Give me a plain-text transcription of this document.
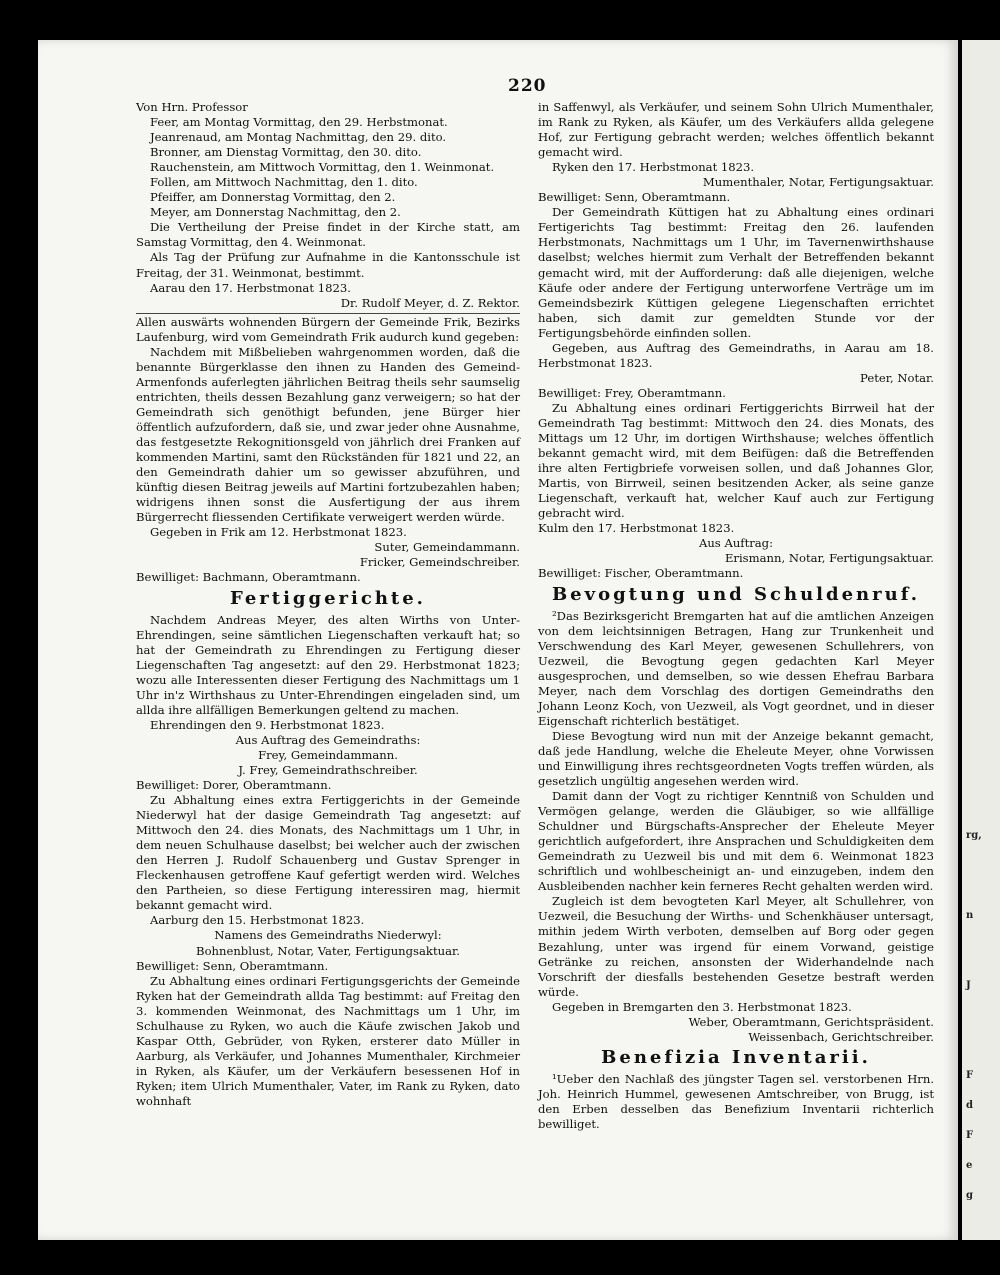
rg,
n
J
F
d
F
e
g
220

Von Hrn. Professor

Feer, am Montag Vormittag, den 29. Herbstmonat.

Jeanrenaud, am Montag Nachmittag, den 29. dito.

Bronner, am Dienstag Vormittag, den 30. dito.

Rauchenstein, am Mittwoch Vormittag, den 1. Weinmonat.

Follen, am Mittwoch Nachmittag, den 1. dito.

Pfeiffer, am Donnerstag Vormittag, den 2.

Meyer, am Donnerstag Nachmittag, den 2.

Die Vertheilung der Preise findet in der Kirche statt, am Samstag Vormittag, den 4. Weinmonat.

Als Tag der Prüfung zur Aufnahme in die Kantonsschule ist Freitag, der 31. Weinmonat, bestimmt.

Aarau den 17. Herbstmonat 1823.

Dr. Rudolf Meyer, d. Z. Rektor.

Allen auswärts wohnenden Bürgern der Gemeinde Frik, Bezirks Laufenburg, wird vom Gemeindrath Frik audurch kund gegeben:

Nachdem mit Mißbelieben wahrgenommen worden, daß die benannte Bürgerklasse den ihnen zu Handen des Gemeind-Armenfonds auferlegten jährlichen Beitrag theils sehr saumselig entrichten, theils dessen Bezahlung ganz verweigern; so hat der Gemeindrath sich genöthigt befunden, jene Bürger hier öffentlich aufzufordern, daß sie, und zwar jeder ohne Ausnahme, das festgesetzte Rekognitionsgeld von jährlich drei Franken auf kommenden Martini, samt den Rückständen für 1821 und 22, an den Gemeindrath dahier um so gewisser abzuführen, und künftig diesen Beitrag jeweils auf Martini fortzubezahlen haben; widrigens ihnen sonst die Ausfertigung der aus ihrem Bürgerrecht fliessenden Certifikate verweigert werden würde.

Gegeben in Frik am 12. Herbstmonat 1823.

Suter, Gemeindammann.

Fricker, Gemeindschreiber.

Bewilliget: Bachmann, Oberamtmann.

Fertiggerichte.

Nachdem Andreas Meyer, des alten Wirths von Unter-Ehrendingen, seine sämtlichen Liegenschaften verkauft hat; so hat der Gemeindrath zu Ehrendingen zu Fertigung dieser Liegenschaften Tag angesetzt: auf den 29. Herbstmonat 1823; wozu alle Interessenten dieser Fertigung des Nachmittags um 1 Uhr in'z Wirthshaus zu Unter-Ehrendingen eingeladen sind, um allda ihre allfälligen Bemerkungen geltend zu machen.

Ehrendingen den 9. Herbstmonat 1823.

Aus Auftrag des Gemeindraths:

Frey, Gemeindammann.

J. Frey, Gemeindrathschreiber.

Bewilliget: Dorer, Oberamtmann.

Zu Abhaltung eines extra Fertiggerichts in der Gemeinde Niederwyl hat der dasige Gemeindrath Tag angesetzt: auf Mittwoch den 24. dies Monats, des Nachmittags um 1 Uhr, in dem neuen Schulhause daselbst; bei welcher auch der zwischen den Herren J. Rudolf Schauenberg und Gustav Sprenger in Fleckenhausen getroffene Kauf gefertigt werden wird. Welches den Partheien, so diese Fertigung interessiren mag, hiermit bekannt gemacht wird.

Aarburg den 15. Herbstmonat 1823.

Namens des Gemeindraths Niederwyl:

Bohnenblust, Notar, Vater, Fertigungsaktuar.

Bewilliget: Senn, Oberamtmann.

Zu Abhaltung eines ordinari Fertigungsgerichts der Gemeinde Ryken hat der Gemeindrath allda Tag bestimmt: auf Freitag den 3. kommenden Weinmonat, des Nachmittags um 1 Uhr, im Schulhause zu Ryken, wo auch die Käufe zwischen Jakob und Kaspar Otth, Gebrüder, von Ryken, ersterer dato Müller in Aarburg, als Verkäufer, und Johannes Mumenthaler, Kirchmeier in Ryken, als Käufer, um der Verkäufern besessenen Hof in Ryken; item Ulrich Mumenthaler, Vater, im Rank zu Ryken, dato wohnhaft

in Saffenwyl, als Verkäufer, und seinem Sohn Ulrich Mumenthaler, im Rank zu Ryken, als Käufer, um des Verkäufers allda gelegene Hof, zur Fertigung gebracht werden; welches öffentlich bekannt gemacht wird.

Ryken den 17. Herbstmonat 1823.

Mumenthaler, Notar, Fertigungsaktuar.

Bewilliget: Senn, Oberamtmann.

Der Gemeindrath Küttigen hat zu Abhaltung eines ordinari Fertigerichts Tag bestimmt: Freitag den 26. laufenden Herbstmonats, Nachmittags um 1 Uhr, im Tavernenwirthshause daselbst; welches hiermit zum Verhalt der Betreffenden bekannt gemacht wird, mit der Aufforderung: daß alle diejenigen, welche Käufe oder andere der Fertigung unterworfene Verträge um im Gemeindsbezirk Küttigen gelegene Liegenschaften errichtet haben, sich damit zur gemeldten Stunde vor der Fertigungsbehörde einfinden sollen.

Gegeben, aus Auftrag des Gemeindraths, in Aarau am 18. Herbstmonat 1823.

Peter, Notar.

Bewilliget: Frey, Oberamtmann.

Zu Abhaltung eines ordinari Fertiggerichts Birrweil hat der Gemeindrath Tag bestimmt: Mittwoch den 24. dies Monats, des Mittags um 12 Uhr, im dortigen Wirthshause; welches öffentlich bekannt gemacht wird, mit dem Beifügen: daß die Betreffenden ihre alten Fertigbriefe vorweisen sollen, und daß Johannes Glor, Martis, von Birrweil, seinen besitzenden Acker, als seine ganze Liegenschaft, verkauft hat, welcher Kauf auch zur Fertigung gebracht wird.

Kulm den 17. Herbstmonat 1823.

Aus Auftrag:

Erismann, Notar, Fertigungsaktuar.

Bewilliget: Fischer, Oberamtmann.

Bevogtung und Schuldenruf.

²Das Bezirksgericht Bremgarten hat auf die amtlichen Anzeigen von dem leichtsinnigen Betragen, Hang zur Trunkenheit und Verschwendung des Karl Meyer, gewesenen Schullehrers, von Uezweil, die Bevogtung gegen gedachten Karl Meyer ausgesprochen, und demselben, so wie dessen Ehefrau Barbara Meyer, nach dem Vorschlag des dortigen Gemeindraths den Johann Leonz Koch, von Uezweil, als Vogt geordnet, und in dieser Eigenschaft richterlich bestätiget.

Diese Bevogtung wird nun mit der Anzeige bekannt gemacht, daß jede Handlung, welche die Eheleute Meyer, ohne Vorwissen und Einwilligung ihres rechtsgeordneten Vogts treffen würden, als gesetzlich ungültig angesehen werden wird.

Damit dann der Vogt zu richtiger Kenntniß von Schulden und Vermögen gelange, werden die Gläubiger, so wie allfällige Schuldner und Bürgschafts-Ansprecher der Eheleute Meyer gerichtlich aufgefordert, ihre Ansprachen und Schuldigkeiten dem Gemeindrath zu Uezweil bis und mit dem 6. Weinmonat 1823 schriftlich und wohlbescheinigt an- und einzugeben, indem den Ausbleibenden nachher kein ferneres Recht gehalten werden wird.

Zugleich ist dem bevogteten Karl Meyer, alt Schullehrer, von Uezweil, die Besuchung der Wirths- und Schenkhäuser untersagt, mithin jedem Wirth verboten, demselben auf Borg oder gegen Bezahlung, unter was irgend für einem Vorwand, geistige Getränke zu reichen, ansonsten der Widerhandelnde nach Vorschrift der diesfalls bestehenden Gesetze bestraft werden würde.

Gegeben in Bremgarten den 3. Herbstmonat 1823.

Weber, Oberamtmann, Gerichtspräsident.

Weissenbach, Gerichtschreiber.

Benefizia Inventarii.

¹Ueber den Nachlaß des jüngster Tagen sel. verstorbenen Hrn. Joh. Heinrich Hummel, gewesenen Amtschreiber, von Brugg, ist den Erben desselben das Benefizium Inventarii richterlich bewilliget.
